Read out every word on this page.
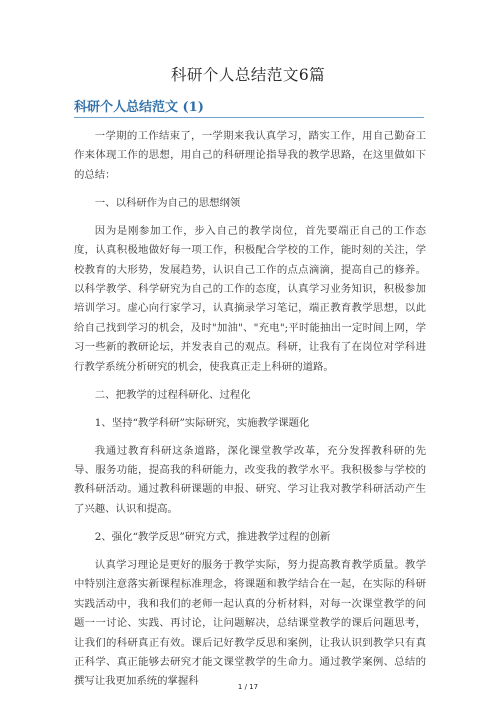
科研个人总结范文6篇
科研个人总结范文 (1)

一学期的工作结束了，一学期来我认真学习，踏实工作，用自己勤奋工作来体现工作的思想，用自己的科研理论指导我的教学思路，在这里做如下的总结：

一、以科研作为自己的思想纲领

因为是刚参加工作，步入自己的教学岗位，首先要端正自己的工作态度，认真积极地做好每一项工作，积极配合学校的工作，能时刻的关注，学校教育的大形势，发展趋势，认识自己工作的点点滴滴，提高自己的修养。以科学教学、科学研究为自己的工作的态度，认真学习业务知识，积极参加培训学习。虚心向行家学习，认真摘录学习笔记，端正教育教学思想，以此给自己找到学习的机会，及时"加油"、"充电";平时能抽出一定时间上网，学习一些新的教研论坛，并发表自己的观点。科研，让我有了在岗位对学科进行教学系统分析研究的机会，使我真正走上科研的道路。

二、把教学的过程科研化、过程化

1、坚持“教学科研”实际研究，实施教学课题化

我通过教育科研这条道路，深化课堂教学改革，充分发挥教科研的先导、服务功能，提高我的科研能力，改变我的教学水平。我积极参与学校的教科研活动。通过教科研课题的申报、研究、学习让我对教学科研活动产生了兴趣、认识和提高。

2、强化“教学反思”研究方式，推进教学过程的创新

认真学习理论是更好的服务于教学实际，努力提高教育教学质量。教学中特别注意落实新课程标准理念，将课题和教学结合在一起，在实际的科研实践活动中，我和我们的老师一起认真的分析材料，对每一次课堂教学的问题一一讨论、实践、再讨论，让问题解决，总结课堂教学的课后问题思考，让我们的科研真正有效。课后记好教学反思和案例，让我认识到教学只有真正科学、真正能够去研究才能文课堂教学的生命力。通过教学案例、总结的撰写让我更加系统的掌握科	1 / 17
